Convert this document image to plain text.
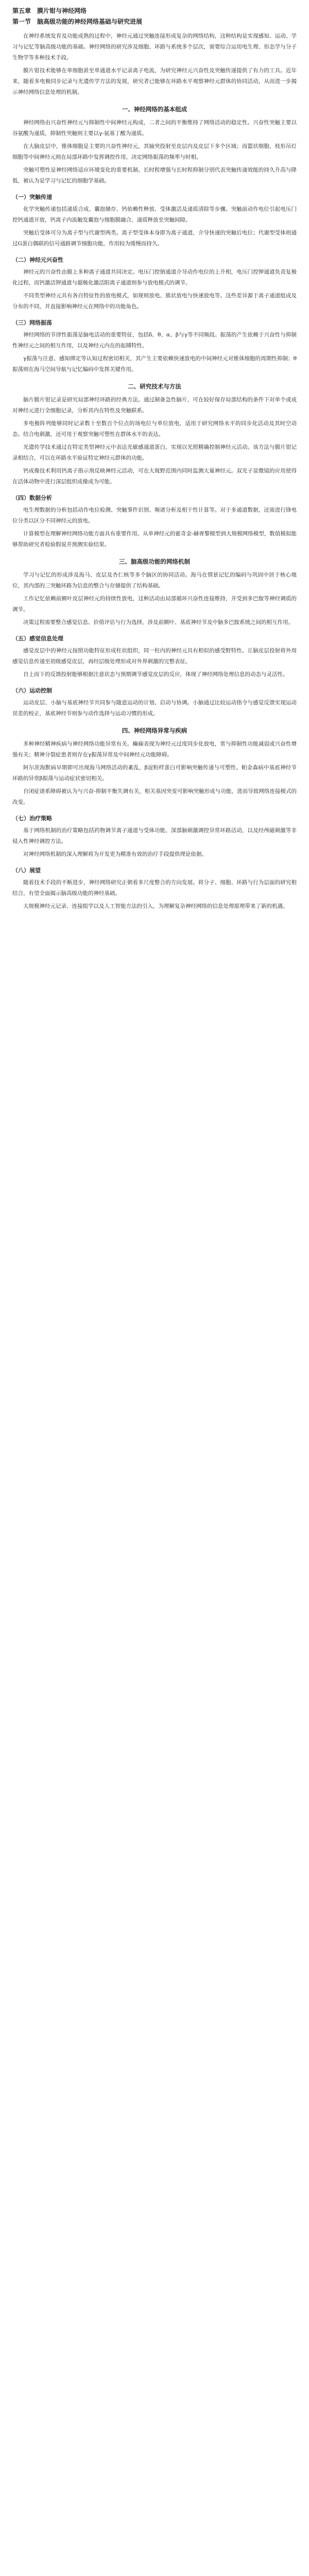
第五章　膜片钳与神经网络
第一节　脑高级功能的神经网络基础与研究进展

在神经系统发育及功能成熟的过程中，神经元通过突触连接形成复杂的网络结构，这种结构是实现感知、运动、学习与记忆等脑高级功能的基础。神经网络的研究涉及细胞、环路与系统多个层次，需要综合运用电生理、形态学与分子生物学等多种技术手段。

膜片钳技术能够在单细胞甚至单通道水平记录离子电流，为研究神经元兴奋性及突触传递提供了有力的工具。近年来，随着多电极同步记录与光遗传学方法的发展，研究者已能够在环路水平观察神经元群体的协同活动，从而进一步揭示神经网络信息处理的机制。

一、神经网络的基本组成

神经网络由兴奋性神经元与抑制性中间神经元构成，二者之间的平衡维持了网络活动的稳定性。兴奋性突触主要以谷氨酸为递质，抑制性突触则主要以γ-氨基丁酸为递质。

在大脑皮层中，锥体细胞是主要的兴奋性神经元，其轴突投射至皮层内及皮层下多个区域；而篮状细胞、枝形吊灯细胞等中间神经元则在局部环路中发挥调控作用，决定网络振荡的频率与时相。

突触可塑性是神经网络适应环境变化的重要机制。长时程增强与长时程抑制分别代表突触传递效能的持久升高与降低，被认为是学习与记忆的细胞学基础。

（一）突触传递

化学突触传递包括递质合成、囊泡储存、钙依赖性释放、受体激活及递质清除等步骤。突触前动作电位引起电压门控钙通道开放，钙离子内流触发囊泡与细胞膜融合，递质释放至突触间隙。

突触后受体可分为离子型与代谢型两类。离子型受体本身即为离子通道，介导快速的突触后电位；代谢型受体则通过G蛋白偶联的信号通路调节细胞功能，作用较为缓慢而持久。

（二）神经元兴奋性

神经元的兴奋性由膜上多种离子通道共同决定。电压门控钠通道介导动作电位的上升相，电压门控钾通道负责复极化过程，而钙激活钾通道与超极化激活阳离子通道则参与放电模式的调节。

不同类型神经元具有各自特征性的放电模式，如规则放电、簇状放电与快速放电等。这些差异源于离子通道组成及分布的不同，并直接影响神经元在网络中的功能角色。

（三）网络振荡

神经网络的节律性振荡是脑电活动的重要特征，包括δ、θ、α、β与γ等不同频段。振荡的产生依赖于兴奋性与抑制性神经元之间的相互作用，以及神经元内在的起搏特性。

γ振荡与注意、感知绑定等认知过程密切相关，其产生主要依赖快速放电的中间神经元对锥体细胞的周期性抑制；θ振荡则在海马空间导航与记忆编码中发挥关键作用。

二、研究技术与方法

脑片膜片钳记录是研究局部神经环路的经典方法。通过制备急性脑片，可在较好保存局部结构的条件下对单个或成对神经元进行全细胞记录，分析其内在特性及突触联系。

多电极阵列能够同时记录数十至数百个位点的场电位与单位放电，适用于研究网络水平的同步化活动及其时空动态。结合电刺激，还可用于观察突触可塑性在群体水平的表达。

光遗传学技术通过在特定类型神经元中表达光敏感通道蛋白，实现以光照精确控制神经元活动。该方法与膜片钳记录相结合，可以在环路水平验证特定神经元群体的功能。

钙成像技术利用钙离子指示剂反映神经元活动，可在大视野范围内同时监测大量神经元。双光子显微镜的应用使得在活体动物中进行深层组织成像成为可能。

（四）数据分析

电生理数据的分析包括动作电位检测、突触事件识别、频谱分析及相干性计算等。对于多通道数据，还需进行锋电位分类以区分不同神经元的放电。

计算模型在理解神经网络功能方面具有重要作用。从单神经元的霍奇金-赫胥黎模型到大规模网络模型，数值模拟能够帮助研究者检验假说并预测实验结果。

三、脑高级功能的网络机制

学习与记忆的形成涉及海马、皮层及杏仁核等多个脑区的协同活动。海马在情景记忆的编码与巩固中居于核心地位，其内部的三突触环路为信息的整合与存储提供了结构基础。

工作记忆依赖前额叶皮层神经元的持续性放电，这种活动由局部循环兴奋性连接维持，并受到多巴胺等神经调质的调节。

决策过程需要整合感觉信息、价值评估与行为选择，涉及前额叶、基底神经节及中脑多巴胺系统之间的相互作用。

（五）感觉信息处理

感觉皮层中的神经元按照功能特征形成柱状组织，同一柱内的神经元具有相似的感受野特性。丘脑皮层投射将外周感觉信息传递至初级感觉皮层，再经层级处理形成对外界刺激的完整表征。

自上而下的反馈投射能够根据注意状态与预期调节感觉皮层的反应，体现了神经网络处理信息的动态与灵活性。

（六）运动控制

运动皮层、小脑与基底神经节共同参与随意运动的计划、启动与协调。小脑通过比较运动指令与感觉反馈实现运动误差的校正，基底神经节则参与动作选择与运动习惯的形成。

四、神经网络异常与疾病

多种神经精神疾病与神经网络功能异常有关。癫痫表现为神经元过度同步化放电，常与抑制性功能减弱或兴奋性增强有关；精神分裂症患者则存在γ振荡异常及中间神经元功能障碍。

阿尔茨海默病早期即可出现海马网络活动的紊乱，β淀粉样蛋白可影响突触传递与可塑性。帕金森病中基底神经节环路的异常β振荡与运动症状密切相关。

自闭症谱系障碍被认为与兴奋-抑制平衡失调有关，相关基因突变可影响突触形成与功能，进而导致网络连接模式的改变。

（七）治疗策略

基于网络机制的治疗策略包括药物调节离子通道与受体功能、深部脑刺激调控异常环路活动，以及经颅磁刺激等非侵入性神经调控方法。

对神经网络机制的深入理解将为开发更为精准有效的治疗手段提供理论依据。

（八）展望

随着技术手段的不断进步，神经网络研究正朝着多尺度整合的方向发展。将分子、细胞、环路与行为层面的研究相结合，有望全面揭示脑高级功能的神经基础。

大规模神经元记录、连接组学以及人工智能方法的引入，为理解复杂神经网络的信息处理原理带来了新的机遇。
